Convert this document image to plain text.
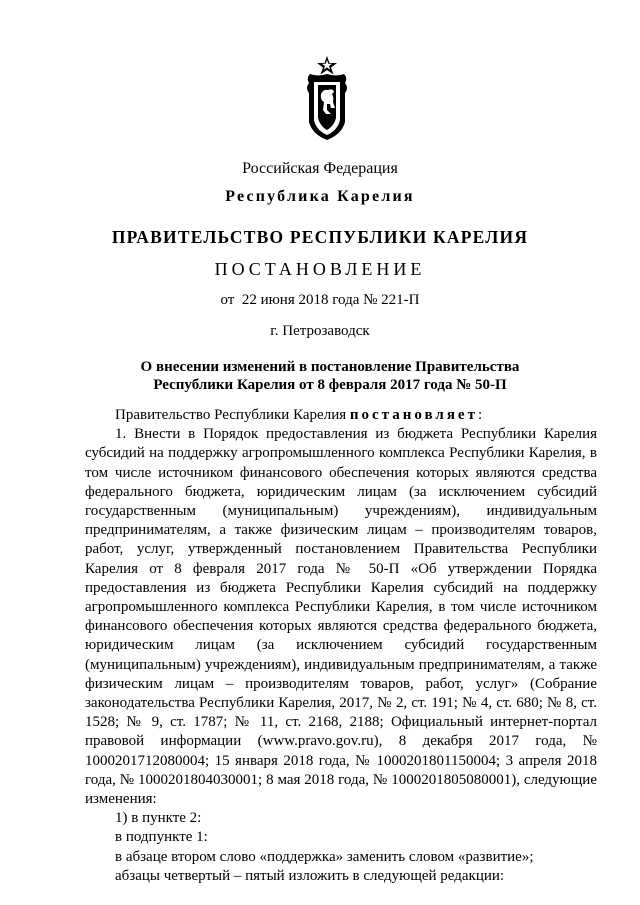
Российская Федерация
Республика Карелия
ПРАВИТЕЛЬСТВО РЕСПУБЛИКИ КАРЕЛИЯ
ПОСТАНОВЛЕНИЕ
от  22 июня 2018 года № 221-П
г. Петрозаводск
О внесении изменений в постановление Правительства
Республики Карелия от 8 февраля 2017 года № 50-П

Правительство Республики Карелия постановляет:

1. Внести в Порядок предоставления из бюджета Республики Карелия субсидий на поддержку агропромышленного комплекса Республики Карелия, в том числе источником финансового обеспечения которых являются средства федерального бюджета, юридическим лицам (за исключением субсидий государственным (муниципальным) учреждениям), индивидуальным предпринимателям, а также физическим лицам – производителям товаров, работ, услуг, утвержденный постановлением Правительства Республики Карелия от 8 февраля 2017 года № 50-П «Об утверждении Порядка предоставления из бюджета Республики Карелия субсидий на поддержку агропромышленного комплекса Республики Карелия, в том числе источником финансового обеспечения которых являются средства федерального бюджета, юридическим лицам (за исключением субсидий государственным (муниципальным) учреждениям), индивидуальным предпринимателям, а также физическим лицам – производителям товаров, работ, услуг» (Собрание законодательства Республики Карелия, 2017, № 2, ст. 191; № 4, ст. 680; № 8, ст. 1528; № 9, ст. 1787; № 11, ст. 2168, 2188; Официальный интернет-портал правовой информации (www.pravo.gov.ru), 8 декабря 2017 года, № 1000201712080004; 15 января 2018 года, № 1000201801150004; 3 апреля 2018 года, № 1000201804030001; 8 мая 2018 года, № 1000201805080001), следующие изменения:

1) в пункте 2:

в подпункте 1:

в абзаце втором слово «поддержка» заменить словом «развитие»;

абзацы четвертый – пятый изложить в следующей редакции:
